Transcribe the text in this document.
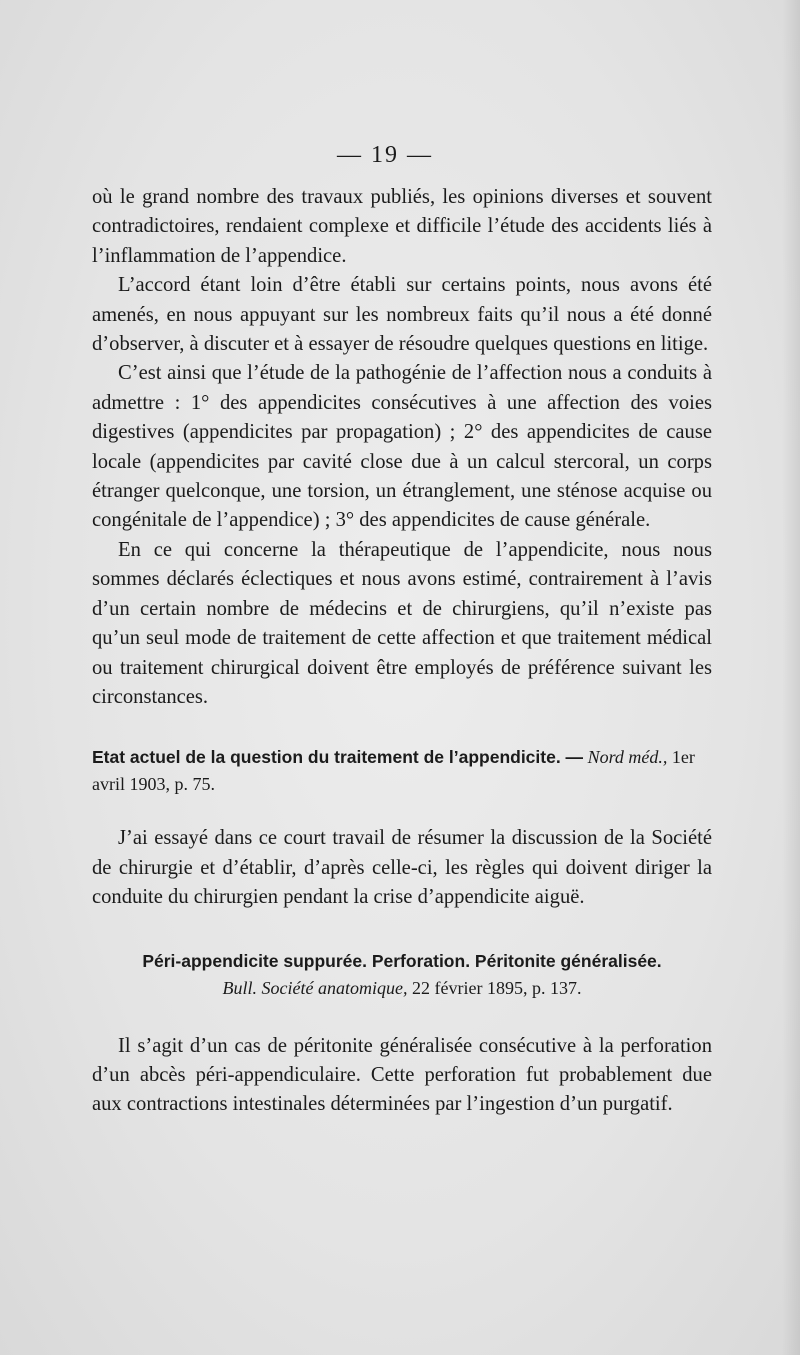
— 19 —

où le grand nombre des travaux publiés, les opinions diverses et souvent contradictoires, rendaient complexe et difficile l’étude des accidents liés à l’inflammation de l’appendice.

L’accord étant loin d’être établi sur certains points, nous avons été amenés, en nous appuyant sur les nombreux faits qu’il nous a été donné d’observer, à discuter et à essayer de résoudre quelques questions en litige.

C’est ainsi que l’étude de la pathogénie de l’affection nous a conduits à admettre : 1° des appendicites consécutives à une affection des voies digestives (appendicites par propagation) ; 2° des appendicites de cause locale (appendicites par cavité close due à un calcul stercoral, un corps étranger quelconque, une torsion, un étranglement, une sténose acquise ou congénitale de l’appendice) ; 3° des appendicites de cause générale.

En ce qui concerne la thérapeutique de l’appendicite, nous nous sommes déclarés éclectiques et nous avons estimé, contrairement à l’avis d’un certain nombre de médecins et de chirurgiens, qu’il n’existe pas qu’un seul mode de traitement de cette affection et que traitement médical ou traitement chirurgical doivent être employés de préférence suivant les circonstances.

Etat actuel de la question du traitement de l’appendicite. — Nord méd., 1er avril 1903, p. 75.

J’ai essayé dans ce court travail de résumer la discussion de la Société de chirurgie et d’établir, d’après celle-ci, les règles qui doivent diriger la conduite du chirurgien pendant la crise d’appendicite aiguë.

Péri-appendicite suppurée. Perforation. Péritonite généralisée.
Bull. Société anatomique, 22 février 1895, p. 137.

Il s’agit d’un cas de péritonite généralisée consécutive à la perforation d’un abcès péri-appendiculaire. Cette perforation fut probablement due aux contractions intestinales déterminées par l’ingestion d’un purgatif.
